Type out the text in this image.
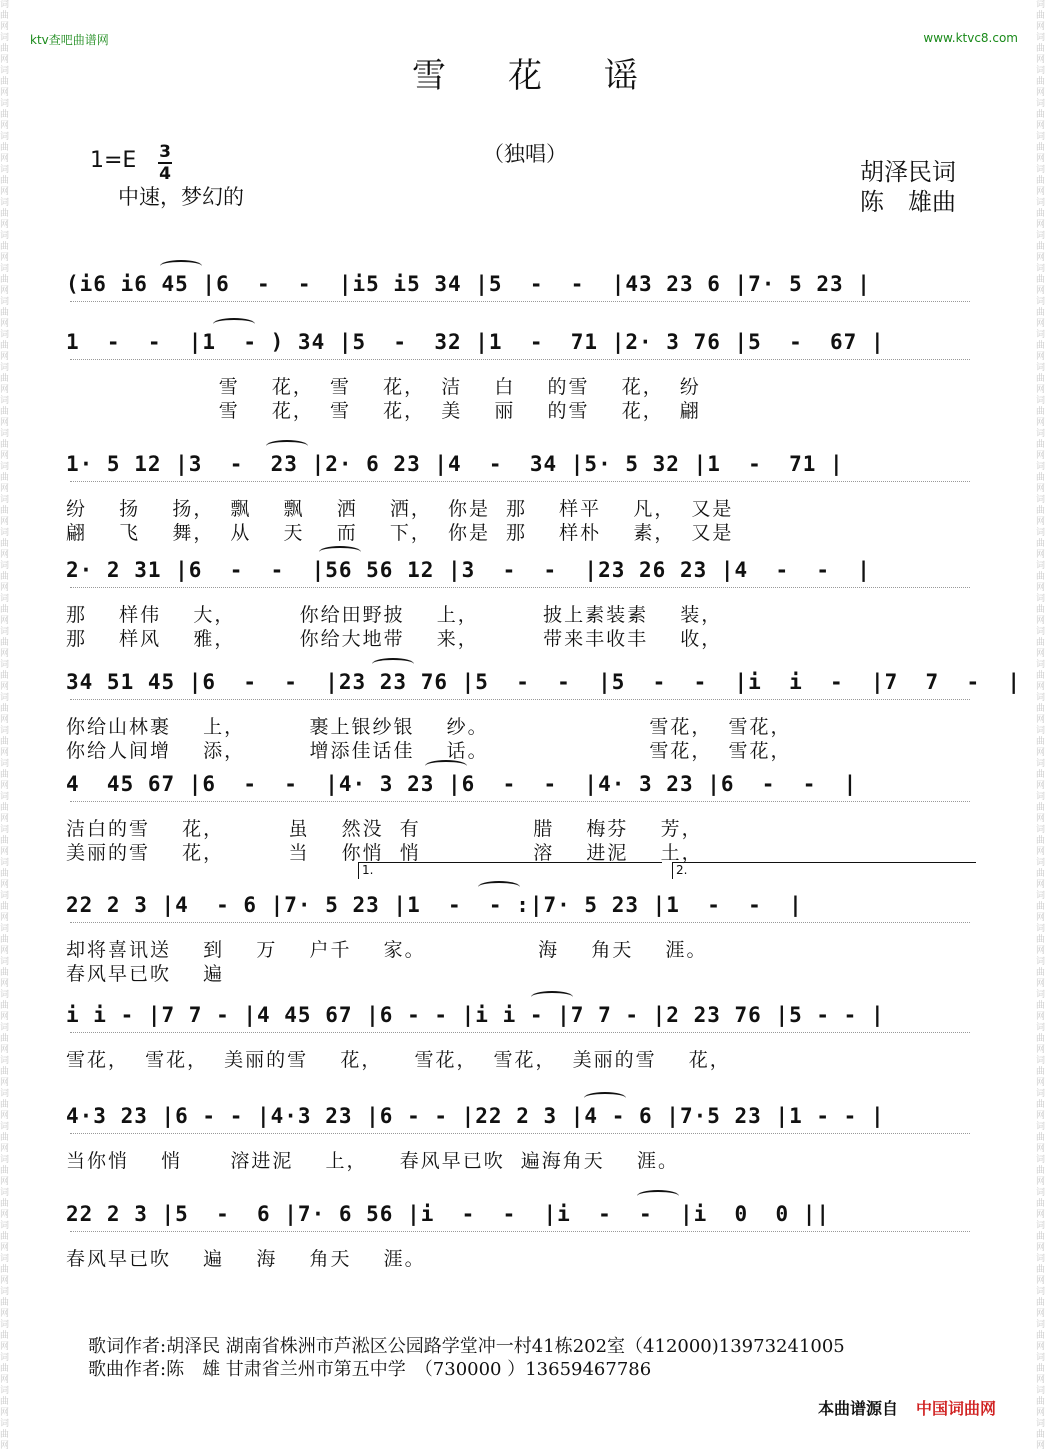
词曲网词曲网词曲网词曲网词曲网词曲网词曲网词曲网词曲网词曲网词曲网词曲网词曲网词曲网词曲网词曲网词曲网词曲网词曲网词曲网词曲网词曲网词曲网词曲网词曲网词曲网词曲网词曲网词曲网词曲网词曲网词曲网词曲网词曲网词曲网词曲网词曲网词曲网词曲网词曲网词曲网词曲网词曲网词曲网
词曲网词曲网词曲网词曲网词曲网词曲网词曲网词曲网词曲网词曲网词曲网词曲网词曲网词曲网词曲网词曲网词曲网词曲网词曲网词曲网词曲网词曲网词曲网词曲网词曲网词曲网词曲网词曲网词曲网词曲网词曲网词曲网词曲网词曲网词曲网词曲网词曲网词曲网词曲网词曲网词曲网词曲网词曲网词曲网
ktv查吧曲谱网	www.ktvc8.com
雪花谣
（独唱）
1=E 3
4
中速，梦幻的
胡泽民词
陈　雄曲
(i6 i6 45 |6  -  -  |i5 i5 34 |5  -  -  |43 23 6 |7· 5 23 |
1  -  -  |1  - ) 34 |5  -  32 |1  -  71 |2· 3 76 |5  -  67 |
雪    花，  雪    花，  洁    白    的雪    花，  纷
雪    花，  雪    花，  美    丽    的雪    花，  翩
1· 5 12 |3  -  23 |2· 6 23 |4  -  34 |5· 5 32 |1  -  71 |
纷    扬    扬，  飘    飘    洒    洒，  你是  那    样平    凡，  又是
翩    飞    舞，  从    天    而    下，  你是  那    样朴    素，  又是
2· 2 31 |6  -  -  |56 56 12 |3  -  -  |23 26 23 |4  -  -  |
那    样伟    大，        你给田野披    上，        披上素装素    装，
那    样风    雅，        你给大地带    来，        带来丰收丰    收，
34 51 45 |6  -  -  |23 23 76 |5  -  -  |5  -  -  |i  i  -  |7  7  -  |
你给山林裹    上，        裹上银纱银    纱。                    雪花，  雪花，
你给人间增    添，        增添佳话佳    话。                    雪花，  雪花，
4  45 67 |6  -  -  |4· 3 23 |6  -  -  |4· 3 23 |6  -  -  |
洁白的雪    花，        虽    然没  有              腊    梅芬    芳，
美丽的雪    花，        当    你悄  悄              溶    进泥    土，
22 2 3 |4  - 6 |7· 5 23 |1  -  - :|7· 5 23 |1  -  -  |
却将喜讯送    到    万    户千    家。              海    角天    涯。
春风早已吹    遍
i i - |7 7 - |4 45 67 |6 - - |i i - |7 7 - |2 23 76 |5 - - |
雪花，  雪花，  美丽的雪    花，    雪花，  雪花，  美丽的雪    花，
4·3 23 |6 - - |4·3 23 |6 - - |22 2 3 |4 - 6 |7·5 23 |1 - - |
当你悄    悄      溶进泥    上，    春风早已吹  遍海角天    涯。
22 2 3 |5  -  6 |7· 6 56 |i  -  -  |i  -  -  |i  0  0 ||
春风早已吹    遍    海    角天    涯。
1.	2.
歌词作者:胡泽民 湖南省株洲市芦淞区公园路学堂冲一村41栋202室（412000)13973241005
歌曲作者:陈　雄 甘肃省兰州市第五中学　（730000 ）13659467786
本曲谱源自 中国词曲网
